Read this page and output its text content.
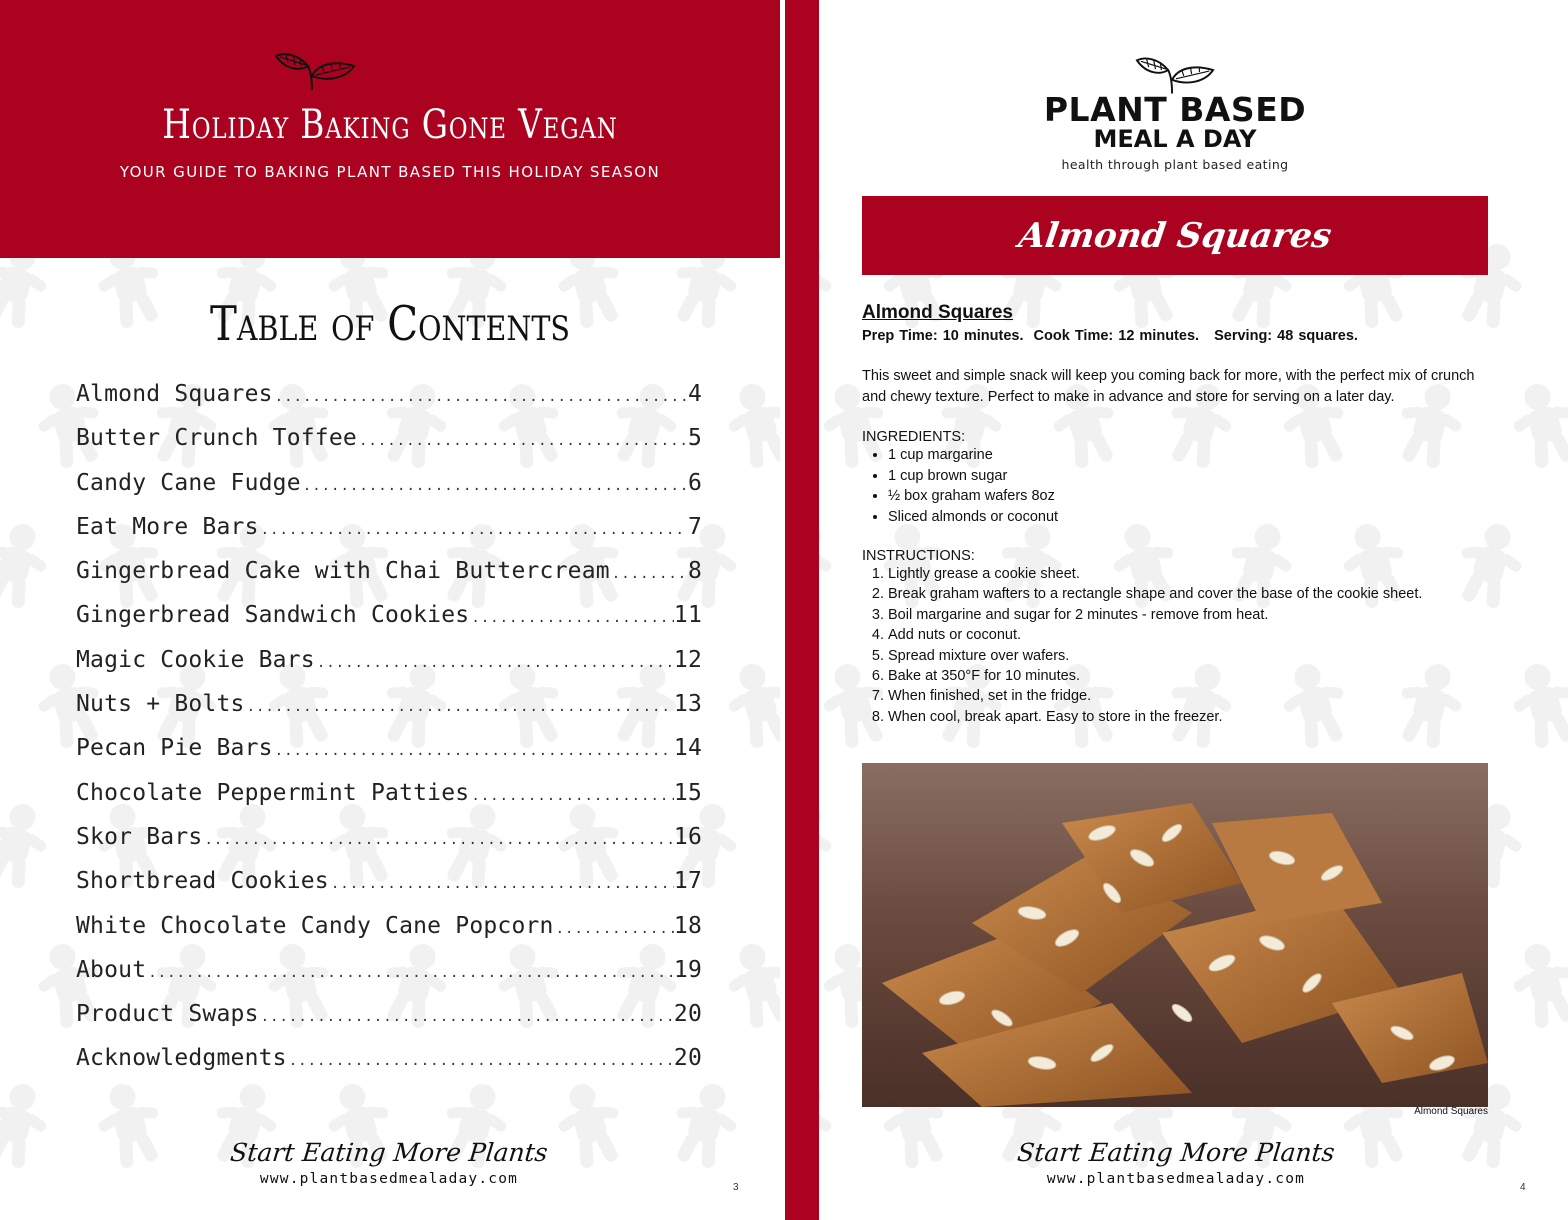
Holiday Baking Gone Vegan
YOUR GUIDE TO BAKING PLANT BASED THIS HOLIDAY SEASON
Table of Contents
Almond Squares .....	4
Butter Crunch Toffee .....	5
Candy Cane Fudge .....	6
Eat More Bars .....	7
Gingerbread Cake with Chai Buttercream .....	8
Gingerbread Sandwich Cookies .....	11
Magic Cookie Bars .....	12
Nuts + Bolts .....	13
Pecan Pie Bars .....	14
Chocolate Peppermint Patties .....	15
Skor Bars .....	16
Shortbread Cookies .....	17
White Chocolate Candy Cane Popcorn .....	18
About .....	19
Product Swaps .....	20
Acknowledgments .....	20
Start Eating More Plants
www.plantbasedmealaday.com
3
PLANT BASED
MEAL A DAY
health through plant based eating
Almond Squares
Almond Squares
Prep Time: 10 minutes.  Cook Time: 12 minutes.   Serving: 48 squares.
This sweet and simple snack will keep you coming back for more, with the perfect mix of crunch and chewy texture. Perfect to make in advance and store for serving on a later day.
INGREDIENTS:
• 1 cup margarine
• 1 cup brown sugar
• ½ box graham wafers 8oz
• Sliced almonds or coconut
INSTRUCTIONS:
1. Lightly grease a cookie sheet.
2. Break graham wafters to a rectangle shape and cover the base of the cookie sheet.
3. Boil margarine and sugar for 2 minutes - remove from heat.
4. Add nuts or coconut.
5. Spread mixture over wafers.
6. Bake at 350°F for 10 minutes.
7. When finished, set in the fridge.
8. When cool, break apart. Easy to store in the freezer.
Almond Squares
Start Eating More Plants
www.plantbasedmealaday.com
4
